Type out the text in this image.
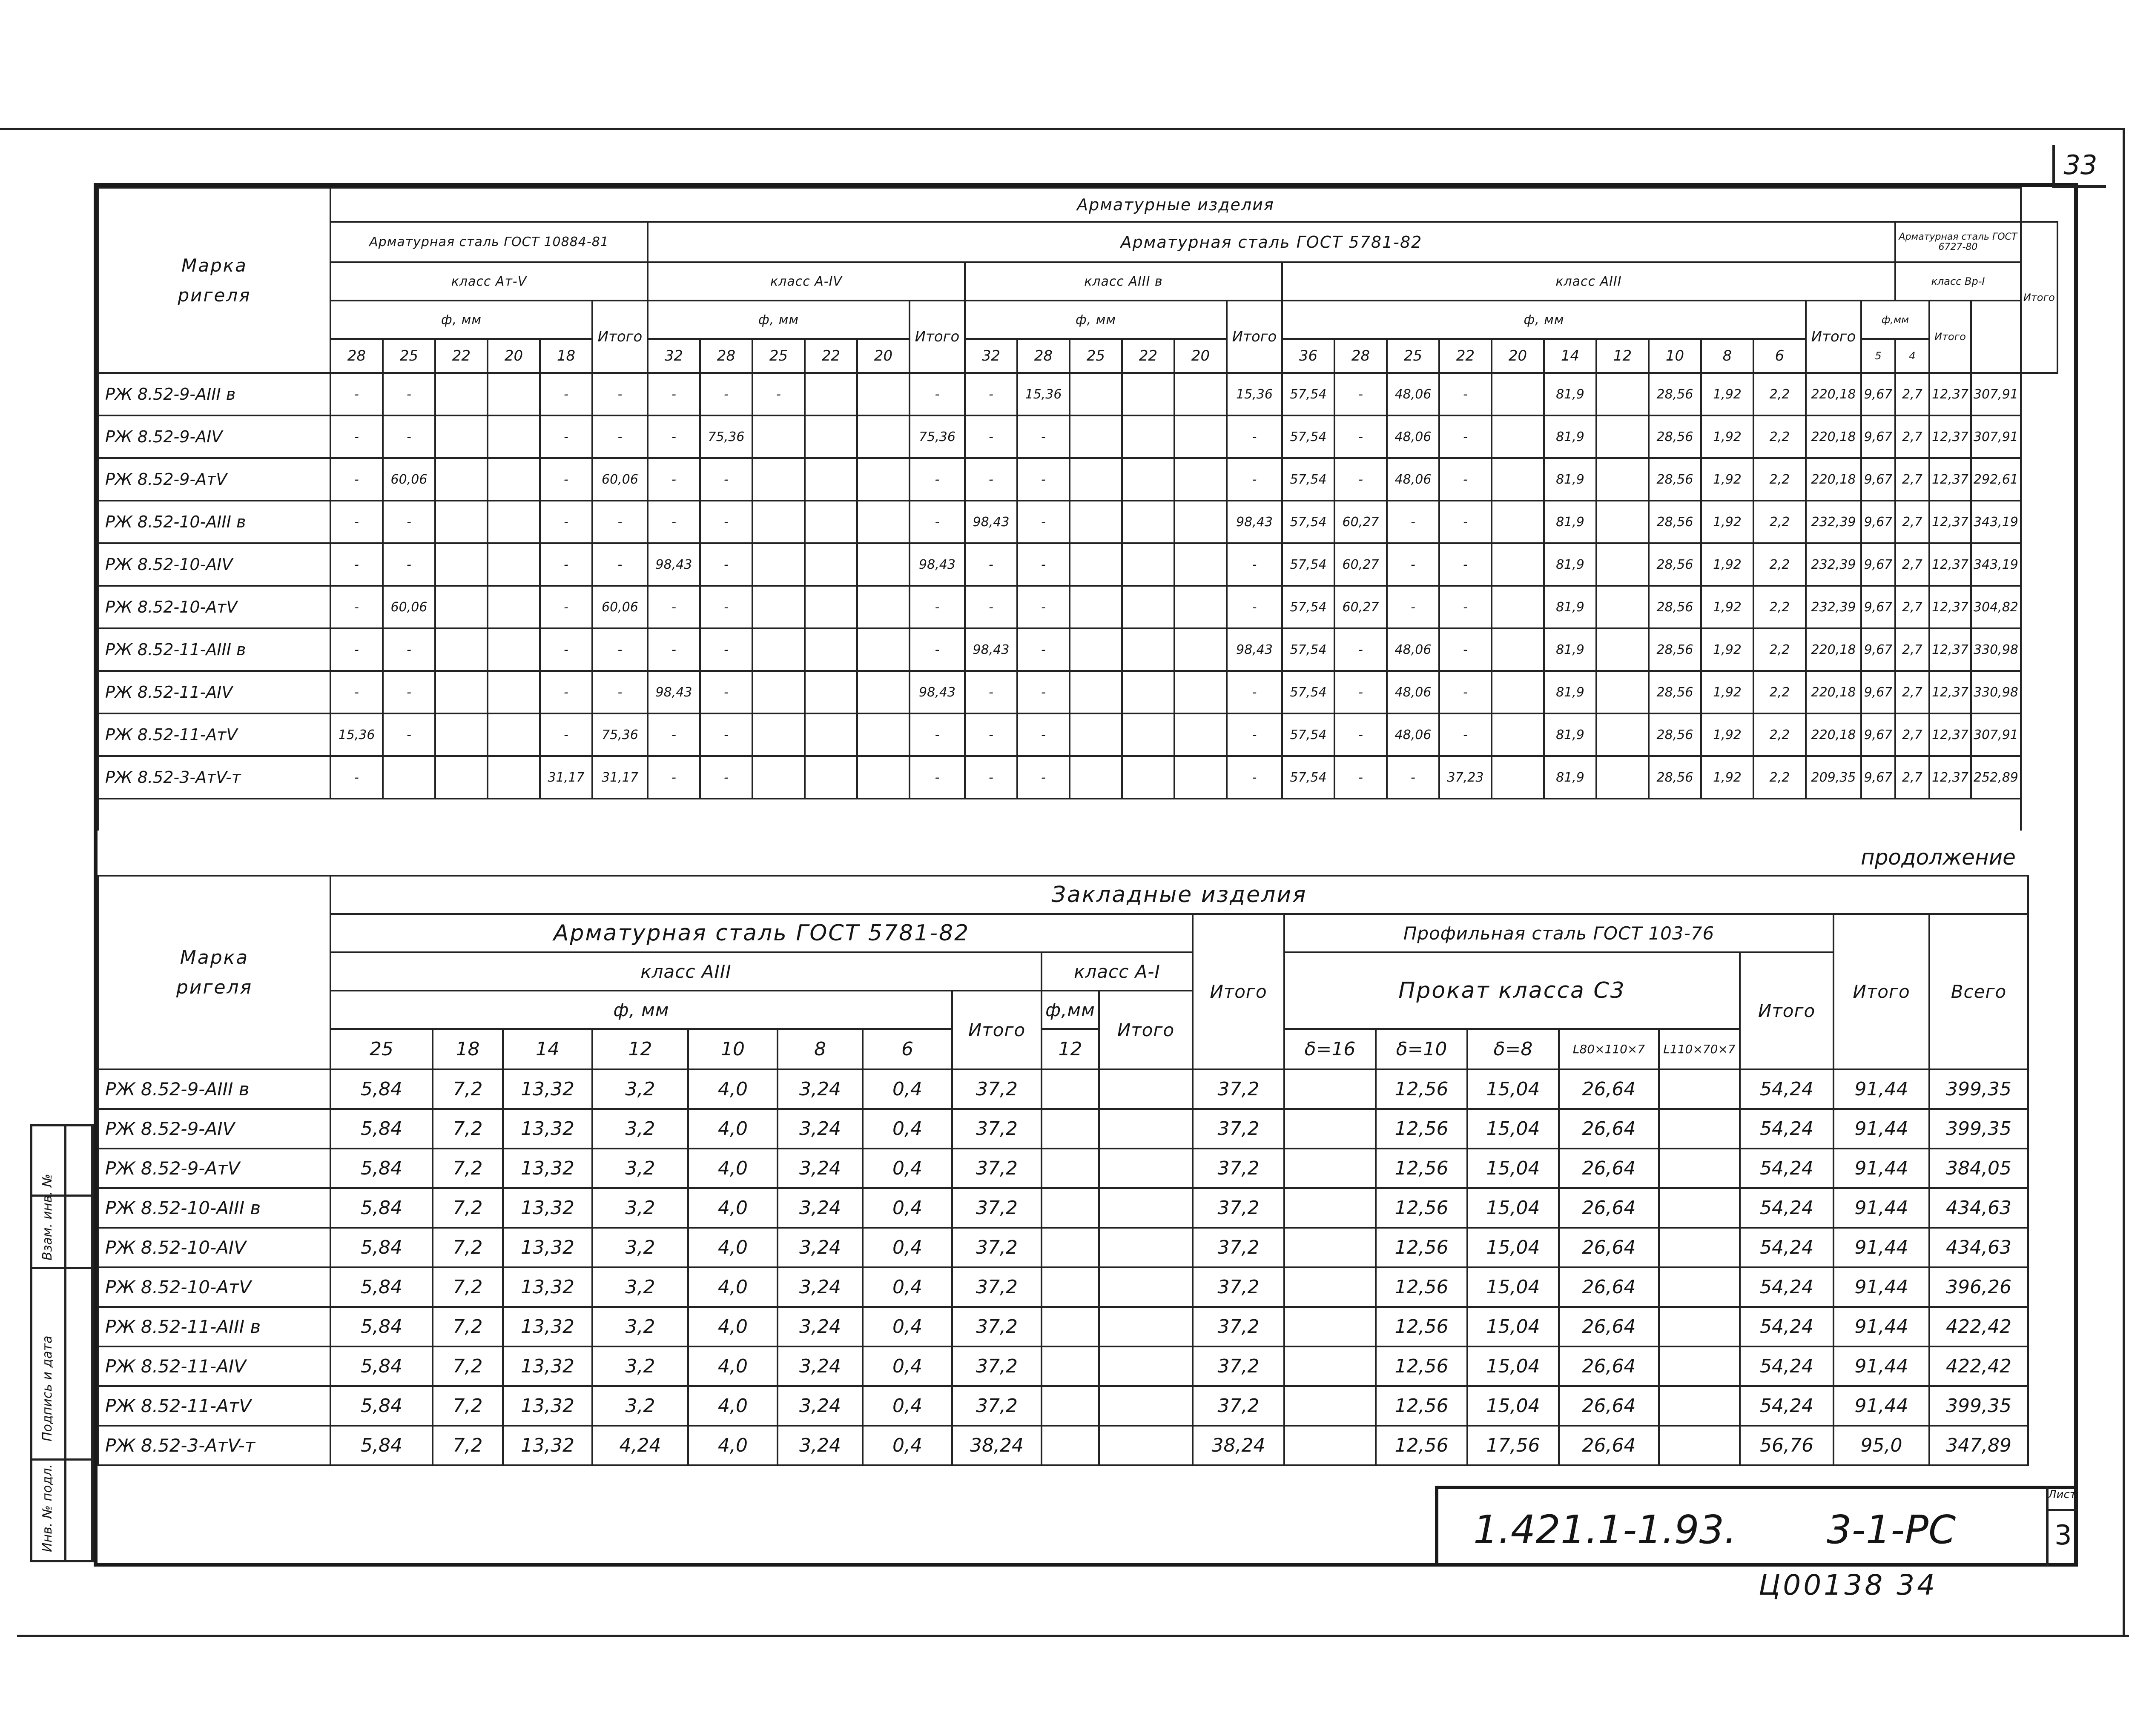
33
Марка
ригеля	Арматурные изделия																																	
	Арматурная сталь ГОСТ 10884-81						Арматурная сталь ГОСТ 5781-82																								Арматурная сталь ГОСТ 6727-80			Итого
	класс Ат-V						класс А-IV						класс АIII в						класс АIII												класс Вр-I			
	ф, мм					Итого	ф, мм					Итого	ф, мм					Итого	ф, мм										Итого	ф,мм		Итого		
	28	25	22	20	18		32	28	25	22	20		32	28	25	22	20		36	28	25	22	20	14	12	10	8	6		5	4			
РЖ 8.52-9-АIII в	-	-			-	-	-	-	-			-	-	15,36				15,36	57,54	-	48,06	-		81,9		28,56	1,92	2,2	220,18	9,67	2,7	12,37	307,91	
РЖ 8.52-9-АIV	-	-			-	-	-	75,36				75,36	-	-				-	57,54	-	48,06	-		81,9		28,56	1,92	2,2	220,18	9,67	2,7	12,37	307,91	
РЖ 8.52-9-АтV	-	60,06			-	60,06	-	-				-	-	-				-	57,54	-	48,06	-		81,9		28,56	1,92	2,2	220,18	9,67	2,7	12,37	292,61	
РЖ 8.52-10-АIII в	-	-			-	-	-	-				-	98,43	-				98,43	57,54	60,27	-	-		81,9		28,56	1,92	2,2	232,39	9,67	2,7	12,37	343,19	
РЖ 8.52-10-АIV	-	-			-	-	98,43	-				98,43	-	-				-	57,54	60,27	-	-		81,9		28,56	1,92	2,2	232,39	9,67	2,7	12,37	343,19	
РЖ 8.52-10-АтV	-	60,06			-	60,06	-	-				-	-	-				-	57,54	60,27	-	-		81,9		28,56	1,92	2,2	232,39	9,67	2,7	12,37	304,82	
РЖ 8.52-11-АIII в	-	-			-	-	-	-				-	98,43	-				98,43	57,54	-	48,06	-		81,9		28,56	1,92	2,2	220,18	9,67	2,7	12,37	330,98	
РЖ 8.52-11-АIV	-	-			-	-	98,43	-				98,43	-	-				-	57,54	-	48,06	-		81,9		28,56	1,92	2,2	220,18	9,67	2,7	12,37	330,98	
РЖ 8.52-11-АтV	15,36	-			-	75,36	-	-				-	-	-				-	57,54	-	48,06	-		81,9		28,56	1,92	2,2	220,18	9,67	2,7	12,37	307,91	
РЖ 8.52-3-АтV-т	-				31,17	31,17	-	-				-	-	-				-	57,54	-	-	37,23		81,9		28,56	1,92	2,2	209,35	9,67	2,7	12,37	252,89	

продолжение
Марка
ригеля	Закладные изделия																		
	Арматурная сталь ГОСТ 5781-82										Итого	Профильная сталь ГОСТ 103-76						Итого	Всего
	класс АIII								класс А-I			Прокат класса С3					Итого		
	ф, мм							Итого	ф,мм	Итого									
	25	18	14	12	10	8	6		12			δ=16	δ=10	δ=8	L80×110×7	L110×70×7			
РЖ 8.52-9-АIII в	5,84	7,2	13,32	3,2	4,0	3,24	0,4	37,2			37,2		12,56	15,04	26,64		54,24	91,44	399,35
РЖ 8.52-9-АIV	5,84	7,2	13,32	3,2	4,0	3,24	0,4	37,2			37,2		12,56	15,04	26,64		54,24	91,44	399,35
РЖ 8.52-9-АтV	5,84	7,2	13,32	3,2	4,0	3,24	0,4	37,2			37,2		12,56	15,04	26,64		54,24	91,44	384,05
РЖ 8.52-10-АIII в	5,84	7,2	13,32	3,2	4,0	3,24	0,4	37,2			37,2		12,56	15,04	26,64		54,24	91,44	434,63
РЖ 8.52-10-АIV	5,84	7,2	13,32	3,2	4,0	3,24	0,4	37,2			37,2		12,56	15,04	26,64		54,24	91,44	434,63
РЖ 8.52-10-АтV	5,84	7,2	13,32	3,2	4,0	3,24	0,4	37,2			37,2		12,56	15,04	26,64		54,24	91,44	396,26
РЖ 8.52-11-АIII в	5,84	7,2	13,32	3,2	4,0	3,24	0,4	37,2			37,2		12,56	15,04	26,64		54,24	91,44	422,42
РЖ 8.52-11-АIV	5,84	7,2	13,32	3,2	4,0	3,24	0,4	37,2			37,2		12,56	15,04	26,64		54,24	91,44	422,42
РЖ 8.52-11-АтV	5,84	7,2	13,32	3,2	4,0	3,24	0,4	37,2			37,2		12,56	15,04	26,64		54,24	91,44	399,35
РЖ 8.52-3-АтV-т	5,84	7,2	13,32	4,24	4,0	3,24	0,4	38,24			38,24		12,56	17,56	26,64		56,76	95,0	347,89
Взам. инв. №
Подпись и дата
Инв. № подл.	1.421.1-1.93. 3-1-РС
Лист
3
Ц00138 34
